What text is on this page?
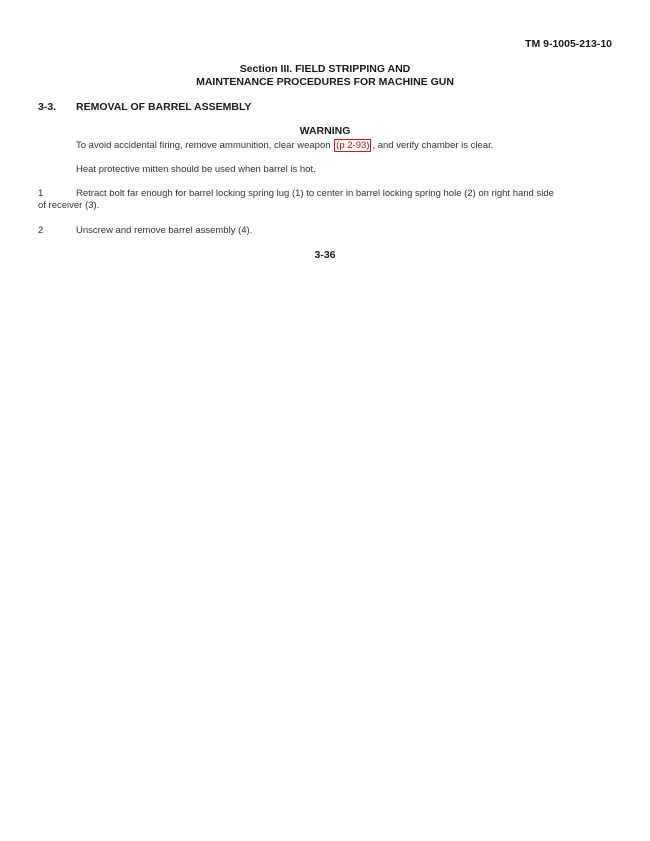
TM 9-1005-213-10
Section III. FIELD STRIPPING AND
MAINTENANCE PROCEDURES FOR MACHINE GUN
3-3. REMOVAL OF BARREL ASSEMBLY
WARNING
To avoid accidental firing, remove ammunition, clear weapon (p 2-93) , and verify chamber is clear.
Heat protective mitten should be used when barrel is hot.
1	Retract bolt far enough for barrel locking spring lug (1) to center in barrel locking spring hole (2) on right hand side
of receiver (3).
2	Unscrew and remove barrel assembly (4).
3-36
